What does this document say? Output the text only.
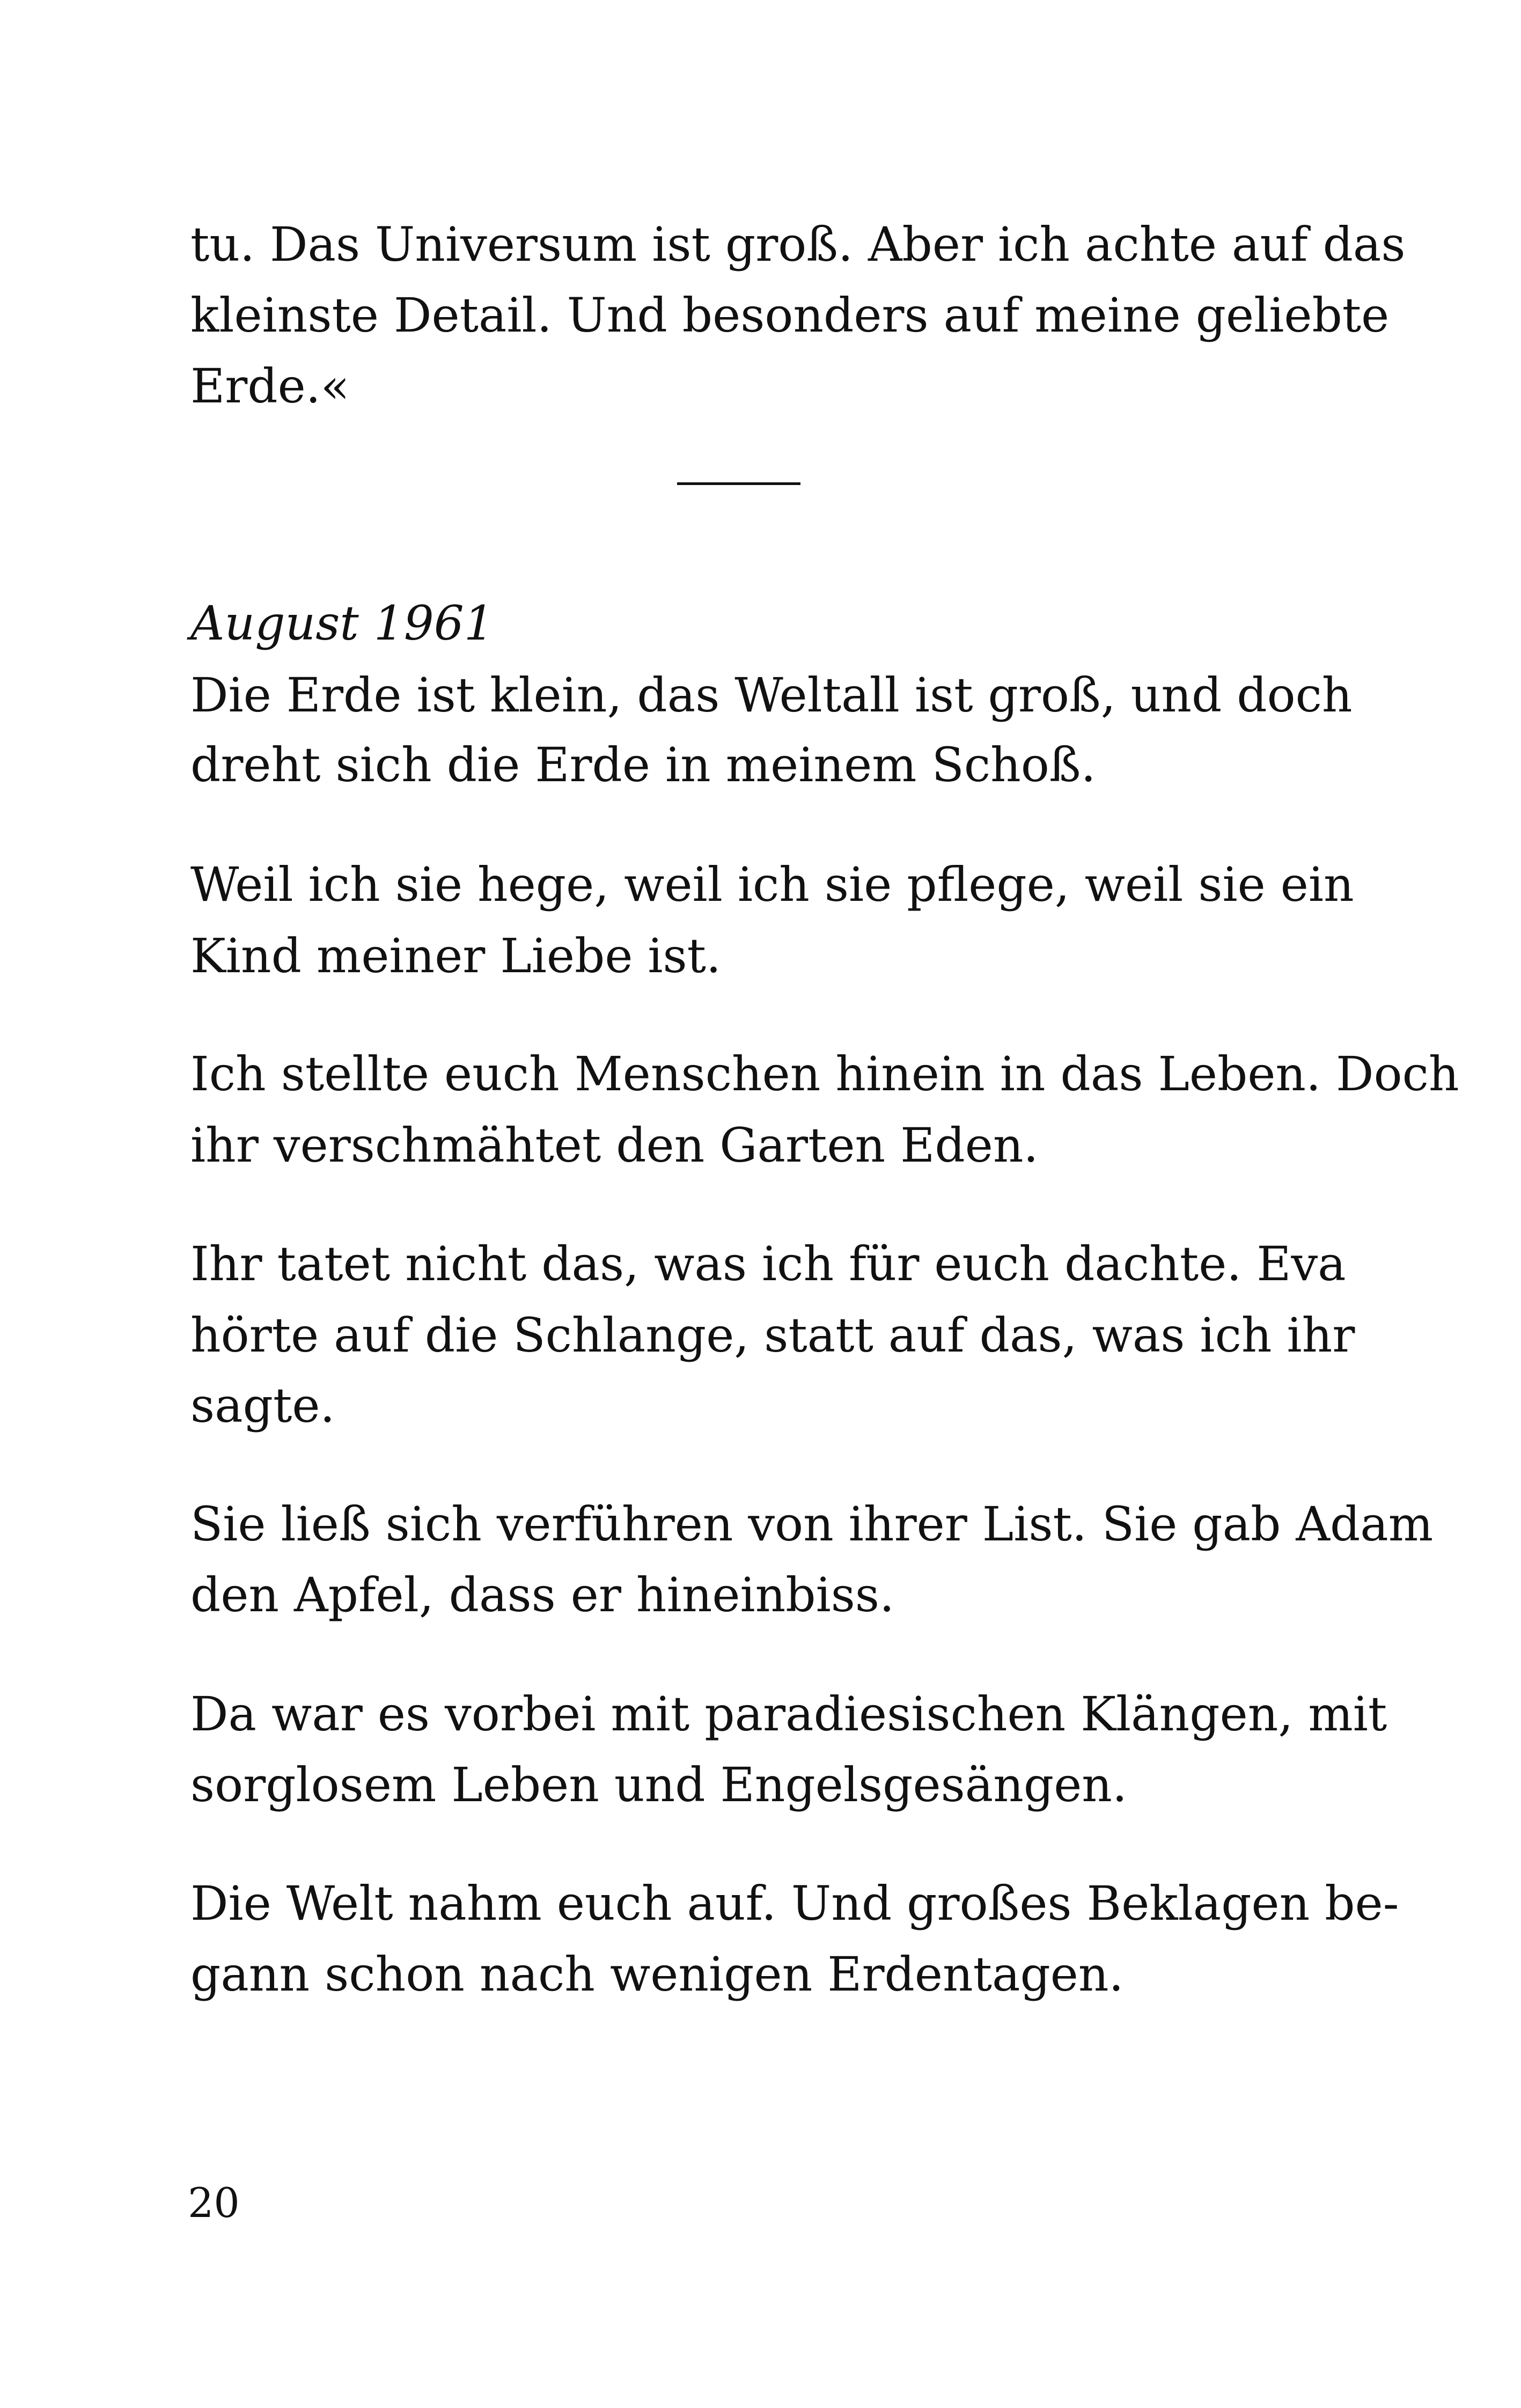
tu. Das Universum ist groß. Aber ich achte auf das
kleinste Detail. Und besonders auf meine geliebte
Erde.«
August 1961
Die Erde ist klein, das Weltall ist groß, und doch
dreht sich die Erde in meinem Schoß.
Weil ich sie hege, weil ich sie pflege, weil sie ein
Kind meiner Liebe ist.
Ich stellte euch Menschen hinein in das Leben. Doch
ihr verschmähtet den Garten Eden.
Ihr tatet nicht das, was ich für euch dachte. Eva
hörte auf die Schlange, statt auf das, was ich ihr
sagte.
Sie ließ sich verführen von ihrer List. Sie gab Adam
den Apfel, dass er hineinbiss.
Da war es vorbei mit paradiesischen Klängen, mit
sorglosem Leben und Engelsgesängen.
Die Welt nahm euch auf. Und großes Beklagen be-
gann schon nach wenigen Erdentagen.
20
